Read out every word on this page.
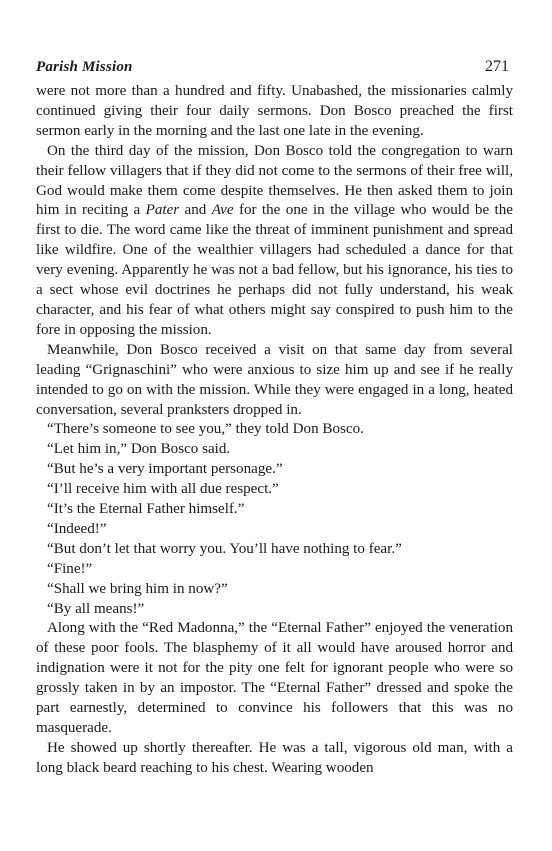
Parish Mission	271

were not more than a hundred and fifty. Unabashed, the missionaries calmly continued giving their four daily sermons. Don Bosco preached the first sermon early in the morning and the last one late in the evening.

On the third day of the mission, Don Bosco told the congregation to warn their fellow villagers that if they did not come to the sermons of their free will, God would make them come despite themselves. He then asked them to join him in reciting a Pater and Ave for the one in the village who would be the first to die. The word came like the threat of imminent punishment and spread like wildfire. One of the wealthier villagers had scheduled a dance for that very evening. Apparently he was not a bad fellow, but his ignorance, his ties to a sect whose evil doctrines he perhaps did not fully understand, his weak character, and his fear of what others might say conspired to push him to the fore in opposing the mission.

Meanwhile, Don Bosco received a visit on that same day from several leading “Grignaschini” who were anxious to size him up and see if he really intended to go on with the mission. While they were engaged in a long, heated conversation, several pranksters dropped in.

“There’s someone to see you,” they told Don Bosco.

“Let him in,” Don Bosco said.

“But he’s a very important personage.”

“I’ll receive him with all due respect.”

“It’s the Eternal Father himself.”

“Indeed!”

“But don’t let that worry you. You’ll have nothing to fear.”

“Fine!”

“Shall we bring him in now?”

“By all means!”

Along with the “Red Madonna,” the “Eternal Father” enjoyed the veneration of these poor fools. The blasphemy of it all would have aroused horror and indignation were it not for the pity one felt for ignorant people who were so grossly taken in by an impostor. The “Eternal Father” dressed and spoke the part earnestly, determined to convince his followers that this was no masquerade.

He showed up shortly thereafter. He was a tall, vigorous old man, with a long black beard reaching to his chest. Wearing wooden
